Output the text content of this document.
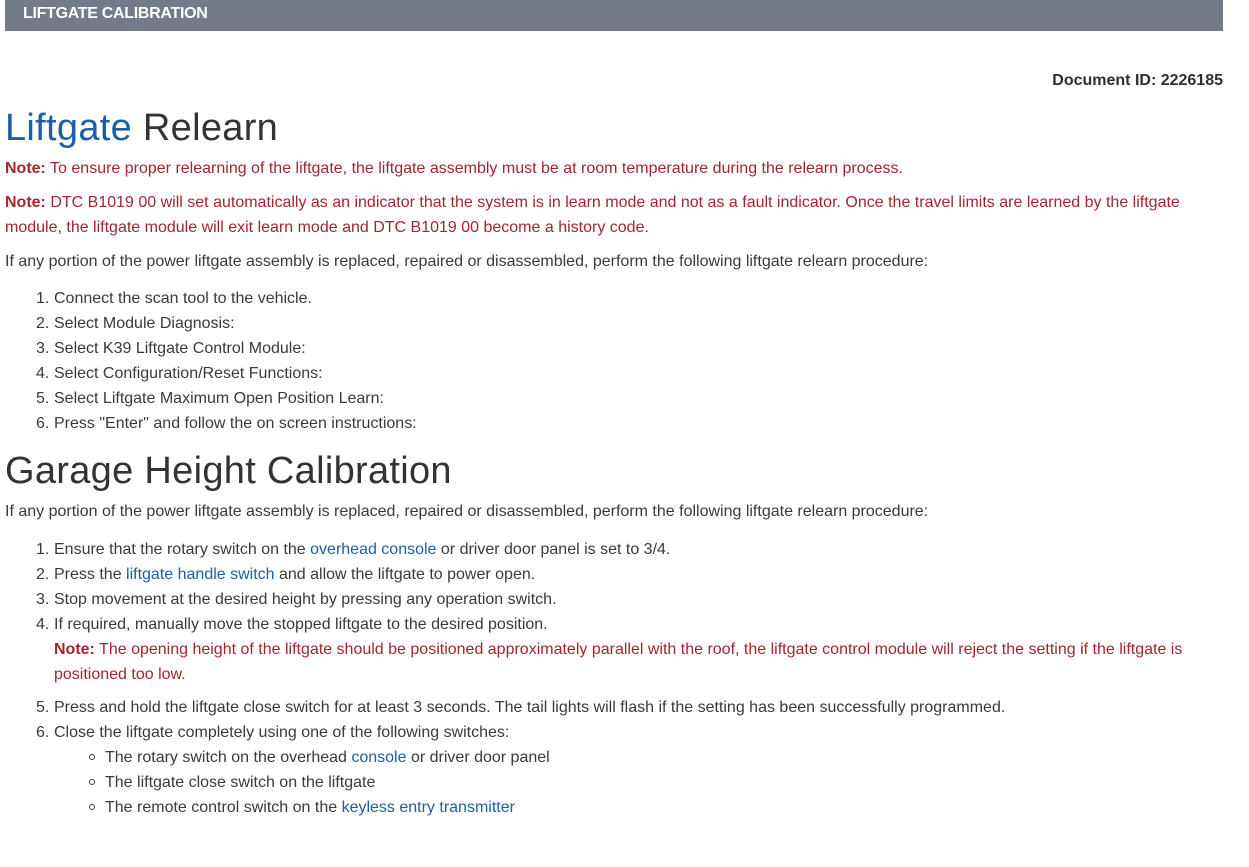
LIFTGATE CALIBRATION
Document ID: 2226185
Liftgate Relearn

Note: To ensure proper relearning of the liftgate, the liftgate assembly must be at room temperature during the relearn process.

Note: DTC B1019 00 will set automatically as an indicator that the system is in learn mode and not as a fault indicator. Once the travel limits are learned by the liftgate module, the liftgate module will exit learn mode and DTC B1019 00 become a history code.

If any portion of the power liftgate assembly is replaced, repaired or disassembled, perform the following liftgate relearn procedure:

1. Connect the scan tool to the vehicle.
2. Select Module Diagnosis:
3. Select K39 Liftgate Control Module:
4. Select Configuration/Reset Functions:
5. Select Liftgate Maximum Open Position Learn:
6. Press "Enter" and follow the on screen instructions:
Garage Height Calibration

If any portion of the power liftgate assembly is replaced, repaired or disassembled, perform the following liftgate relearn procedure:

1. Ensure that the rotary switch on the overhead console or driver door panel is set to 3/4.
2. Press the liftgate handle switch and allow the liftgate to power open.
3. Stop movement at the desired height by pressing any operation switch.
4. If required, manually move the stopped liftgate to the desired position.
Note: The opening height of the liftgate should be positioned approximately parallel with the roof, the liftgate control module will reject the setting if the liftgate is positioned too low.
5. Press and hold the liftgate close switch for at least 3 seconds. The tail lights will flash if the setting has been successfully programmed.
6. Close the liftgate completely using one of the following switches:
The rotary switch on the overhead console or driver door panel
The liftgate close switch on the liftgate
The remote control switch on the keyless entry transmitter
